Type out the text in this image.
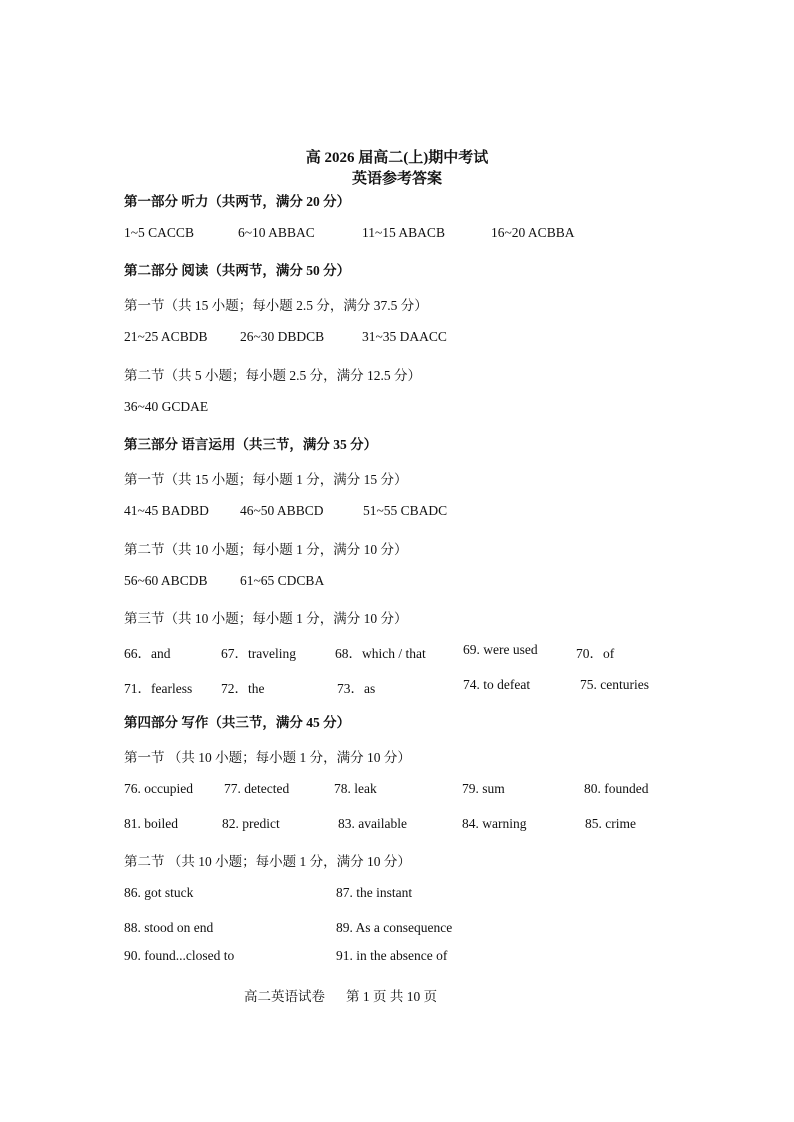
高 2026 届高二(上)期中考试
英语参考答案
第一部分 听力（共两节，满分 20 分）
1~5 CACCB	6~10 ABBAC	11~15 ABACB	16~20 ACBBA
第二部分 阅读（共两节，满分 50 分）
第一节（共 15 小题；每小题 2.5 分，满分 37.5 分）
21~25 ACBDB 26~30 DBDCB	31~35 DAACC
第二节（共 5 小题；每小题 2.5 分，满分 12.5 分）
36~40 GCDAE
第三部分 语言运用（共三节，满分 35 分）
第一节（共 15 小题；每小题 1 分，满分 15 分）
41~45 BADBD 46~50 ABBCD	51~55 CBADC
第二节（共 10 小题；每小题 1 分，满分 10 分）
56~60 ABCDB 61~65 CDCBA
第三节（共 10 小题；每小题 1 分，满分 10 分）
66．and	67．traveling	68．which / that	69. were used	70．of
71．fearless 72．the	73．as	74. to defeat	75. centuries
第四部分 写作（共三节，满分 45 分）
第一节 （共 10 小题；每小题 1 分，满分 10 分）
76. occupied 77. detected	78. leak	79. sum	80. founded
81. boiled	82. predict	83. available	84. warning	85. crime
第二节 （共 10 小题；每小题 1 分，满分 10 分）
86. got stuck	87. the instant
88. stood on end	89. As a consequence
90. found...closed to	91. in the absence of
高二英语试卷 第 1 页 共 10 页
